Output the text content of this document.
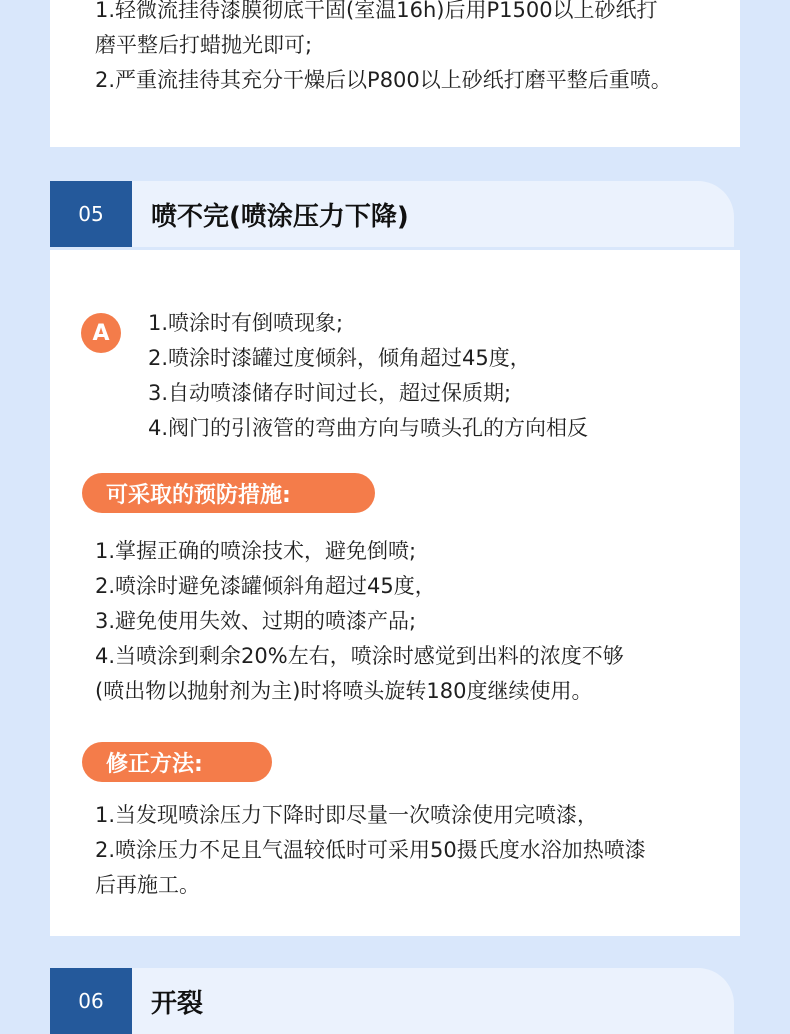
1.轻微流挂待漆膜彻底干固(室温16h)后用P1500以上砂纸打

磨平整后打蜡抛光即可;

2.严重流挂待其充分干燥后以P800以上砂纸打磨平整后重喷。

05	喷不完(喷涂压力下降)

1.喷涂时有倒喷现象;

2.喷涂时漆罐过度倾斜，倾角超过45度，

3.自动喷漆储存时间过长，超过保质期;

4.阀门的引液管的弯曲方向与喷头孔的方向相反

1.掌握正确的喷涂技术，避免倒喷;

2.喷涂时避免漆罐倾斜角超过45度，

3.避免使用失效、过期的喷漆产品;

4.当喷涂到剩余20%左右，喷涂时感觉到出料的浓度不够

(喷出物以抛射剂为主)时将喷头旋转180度继续使用。

1.当发现喷涂压力下降时即尽量一次喷涂使用完喷漆，

2.喷涂压力不足且气温较低时可采用50摄氏度水浴加热喷漆

后再施工。

A
可采取的预防措施:
修正方法:
06	开裂
